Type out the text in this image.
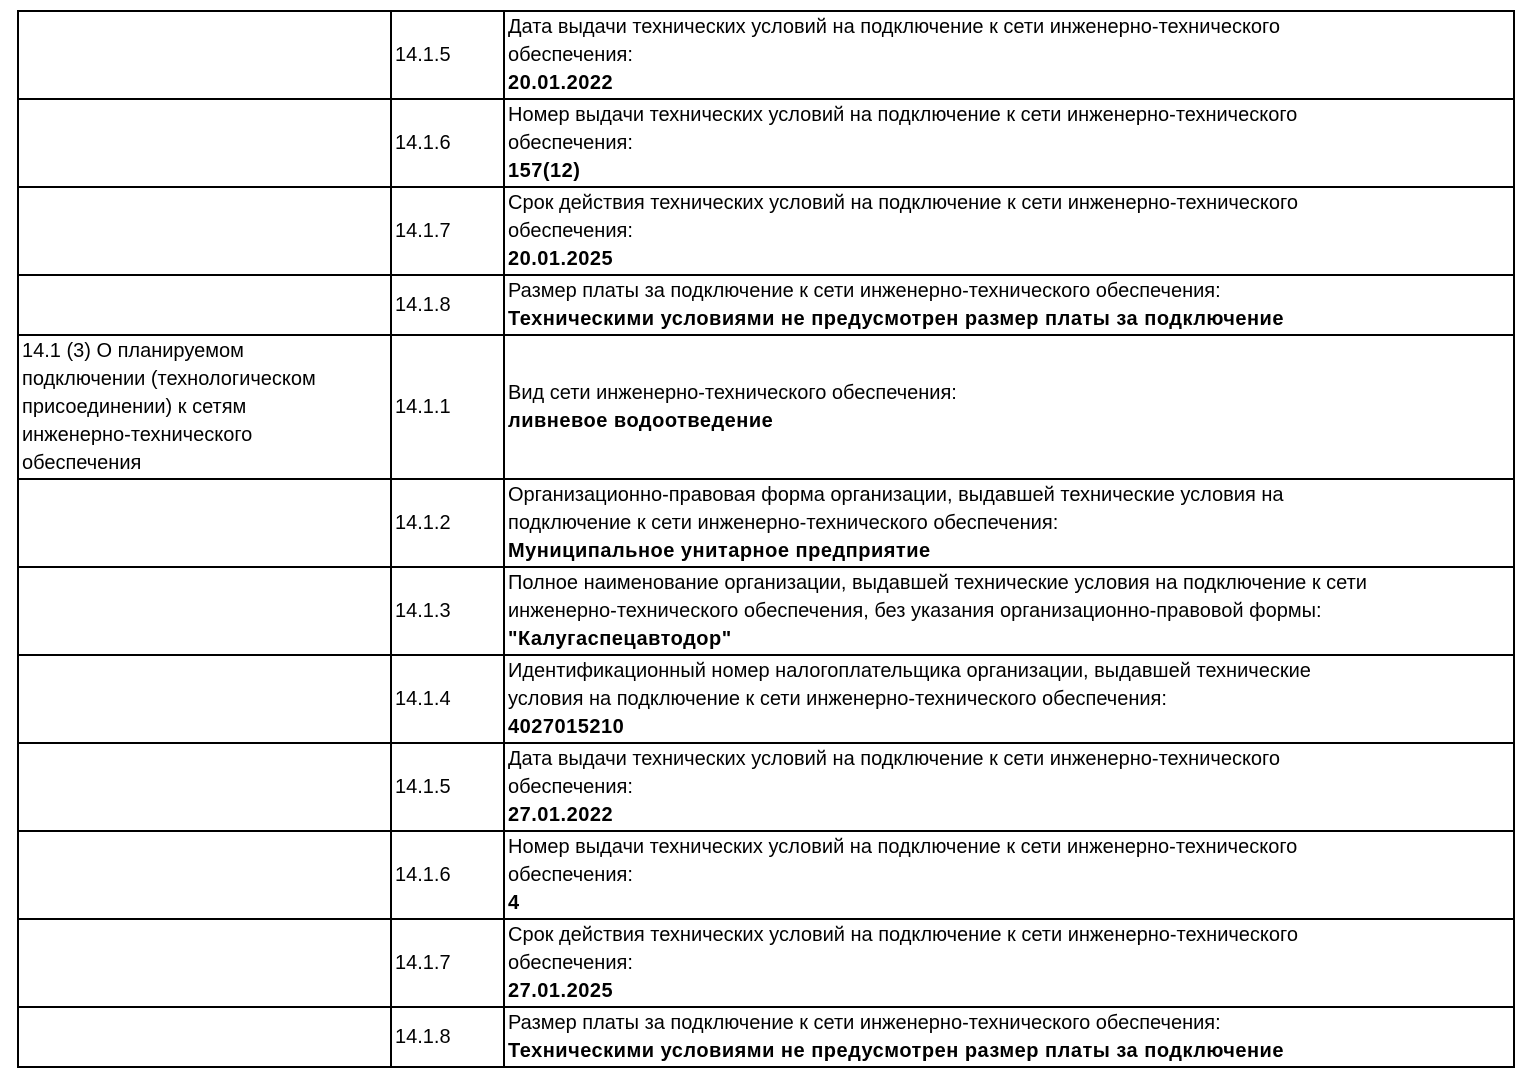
	14.1.5	Дата выдачи технических условий на подключение к сети инженерно-технического
обеспечения:
20.01.2022

	14.1.6	Номер выдачи технических условий на подключение к сети инженерно-технического
обеспечения:
157(12)

	14.1.7	Срок действия технических условий на подключение к сети инженерно-технического
обеспечения:
20.01.2025

	14.1.8	Размер платы за подключение к сети инженерно-технического обеспечения:
Техническими условиями не предусмотрен размер платы за подключение

14.1 (3) О планируемом
подключении (технологическом
присоединении) к сетям
инженерно-технического
обеспечения
	14.1.1	
Вид сети инженерно-технического обеспечения:
ливневое водоотведение

	14.1.2	Организационно-правовая форма организации, выдавшей технические условия на
подключение к сети инженерно-технического обеспечения:
Муниципальное унитарное предприятие

	14.1.3	Полное наименование организации, выдавшей технические условия на подключение к сети
инженерно-технического обеспечения, без указания организационно-правовой формы:
"Калугаспецавтодор"

	14.1.4	Идентификационный номер налогоплательщика организации, выдавшей технические
условия на подключение к сети инженерно-технического обеспечения:
4027015210

	14.1.5	Дата выдачи технических условий на подключение к сети инженерно-технического
обеспечения:
27.01.2022

	14.1.6	Номер выдачи технических условий на подключение к сети инженерно-технического
обеспечения:
4

	14.1.7	Срок действия технических условий на подключение к сети инженерно-технического
обеспечения:
27.01.2025

	14.1.8	Размер платы за подключение к сети инженерно-технического обеспечения:
Техническими условиями не предусмотрен размер платы за подключение
